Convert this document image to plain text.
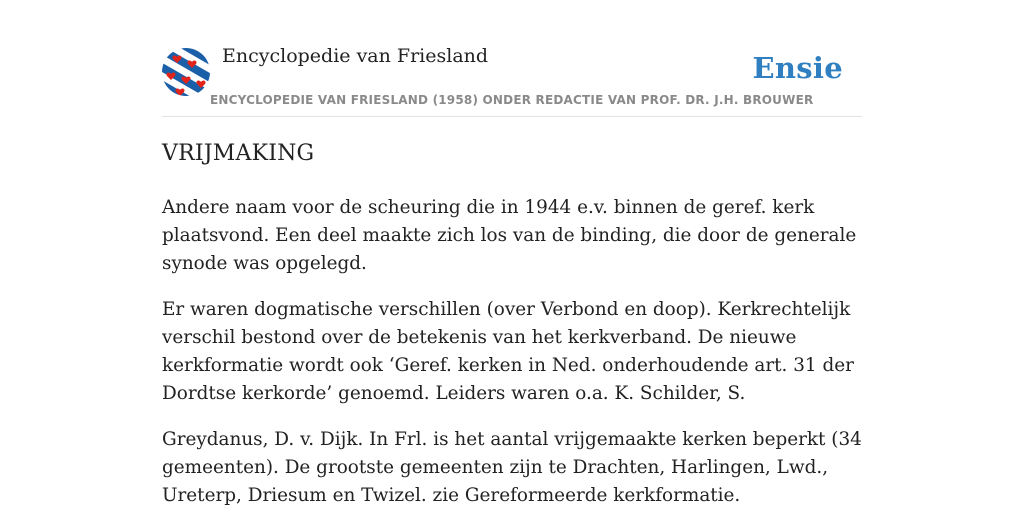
Encyclopedie van Friesland	Ensie
ENCYCLOPEDIE VAN FRIESLAND (1958) ONDER REDACTIE VAN PROF. DR. J.H. BROUWER
VRIJMAKING

Andere naam voor de scheuring die in 1944 e.v. binnen de geref. kerk plaatsvond. Een deel maakte zich los van de binding, die door de generale synode was opgelegd.

Er waren dogmatische verschillen (over Verbond en doop). Kerkrechtelijk verschil bestond over de betekenis van het kerkverband. De nieuwe kerkformatie wordt ook ‘Geref. kerken in Ned. onderhoudende art. 31 der Dordtse kerkorde’ genoemd. Leiders waren o.a. K. Schilder, S.

Greydanus, D. v. Dijk. In Frl. is het aantal vrijgemaakte kerken beperkt (34 gemeenten). De grootste gemeenten zijn te Drachten, Harlingen, Lwd., Ureterp, Driesum en Twizel. zie Gereformeerde kerkformatie.
